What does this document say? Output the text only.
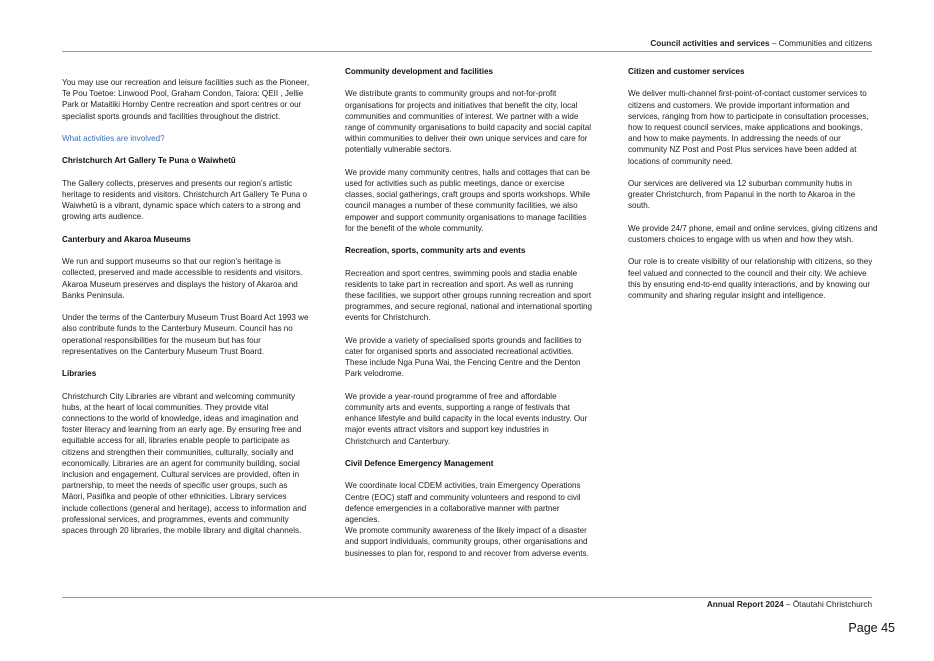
Council activities and services – Communities and citizens

You may use our recreation and leisure facilities such as the Pioneer, Te Pou Toetoe: Linwood Pool, Graham Condon, Taiora: QEII , Jellie Park or Mataitiki Hornby Centre recreation and sport centres or our specialist sports grounds and facilities throughout the district.

What activities are involved?

Christchurch Art Gallery Te Puna o Waiwhetū

The Gallery collects, preserves and presents our region’s artistic heritage to residents and visitors. Christchurch Art Gallery Te Puna o Waiwhetū is a vibrant, dynamic space which caters to a strong and growing arts audience.

Canterbury and Akaroa Museums

We run and support museums so that our region’s heritage is collected, preserved and made accessible to residents and visitors. Akaroa Museum preserves and displays the history of Akaroa and Banks Peninsula.

Under the terms of the Canterbury Museum Trust Board Act 1993 we also contribute funds to the Canterbury Museum. Council has no operational responsibilities for the museum but has four representatives on the Canterbury Museum Trust Board.

Libraries

Christchurch City Libraries are vibrant and welcoming community hubs, at the heart of local communities. They provide vital connections to the world of knowledge, ideas and imagination and foster literacy and learning from an early age. By ensuring free and equitable access for all, libraries enable people to participate as citizens and strengthen their communities, culturally, socially and economically. Libraries are an agent for community building, social inclusion and engagement. Cultural services are provided, often in partnership, to meet the needs of specific user groups, such as Māori, Pasifika and people of other ethnicities. Library services include collections (general and heritage), access to information and professional services, and programmes, events and community spaces through 20 libraries, the mobile library and digital channels.

Community development and facilities

We distribute grants to community groups and not-for-profit organisations for projects and initiatives that benefit the city, local communities and communities of interest. We partner with a wide range of community organisations to build capacity and social capital within communities to deliver their own unique services and care for potentially vulnerable sectors.

We provide many community centres, halls and cottages that can be used for activities such as public meetings, dance or exercise classes, social gatherings, craft groups and sports workshops. While council manages a number of these community facilities, we also empower and support community organisations to manage facilities for the benefit of the whole community.

Recreation, sports, community arts and events

Recreation and sport centres, swimming pools and stadia enable residents to take part in recreation and sport. As well as running these facilities, we support other groups running recreation and sport programmes, and secure regional, national and international sporting events for Christchurch.

We provide a variety of specialised sports grounds and facilities to cater for organised sports and associated recreational activities. These include Nga Puna Wai, the Fencing Centre and the Denton Park velodrome.

We provide a year-round programme of free and affordable community arts and events, supporting a range of festivals that enhance lifestyle and build capacity in the local events industry. Our major events attract visitors and support key industries in Christchurch and Canterbury.

Civil Defence Emergency Management

We coordinate local CDEM activities, train Emergency Operations Centre (EOC) staff and community volunteers and respond to civil defence emergencies in a collaborative manner with partner agencies.

We promote community awareness of the likely impact of a disaster and support individuals, community groups, other organisations and businesses to plan for, respond to and recover from adverse events.

Citizen and customer services

We deliver multi-channel first-point-of-contact customer services to citizens and customers. We provide important information and services, ranging from how to participate in consultation processes, how to request council services, make applications and bookings, and how to make payments. In addressing the needs of our community NZ Post and Post Plus services have been added at locations of community need.

Our services are delivered via 12 suburban community hubs in greater Christchurch, from Papanui in the north to Akaroa in the south.

We provide 24/7 phone, email and online services, giving citizens and customers choices to engage with us when and how they wish.

Our role is to create visibility of our relationship with citizens, so they feel valued and connected to the council and their city. We achieve this by ensuring end-to-end quality interactions, and by knowing our community and sharing regular insight and intelligence.

Annual Report 2024 – Ōtautahi Christchurch
Page 45
